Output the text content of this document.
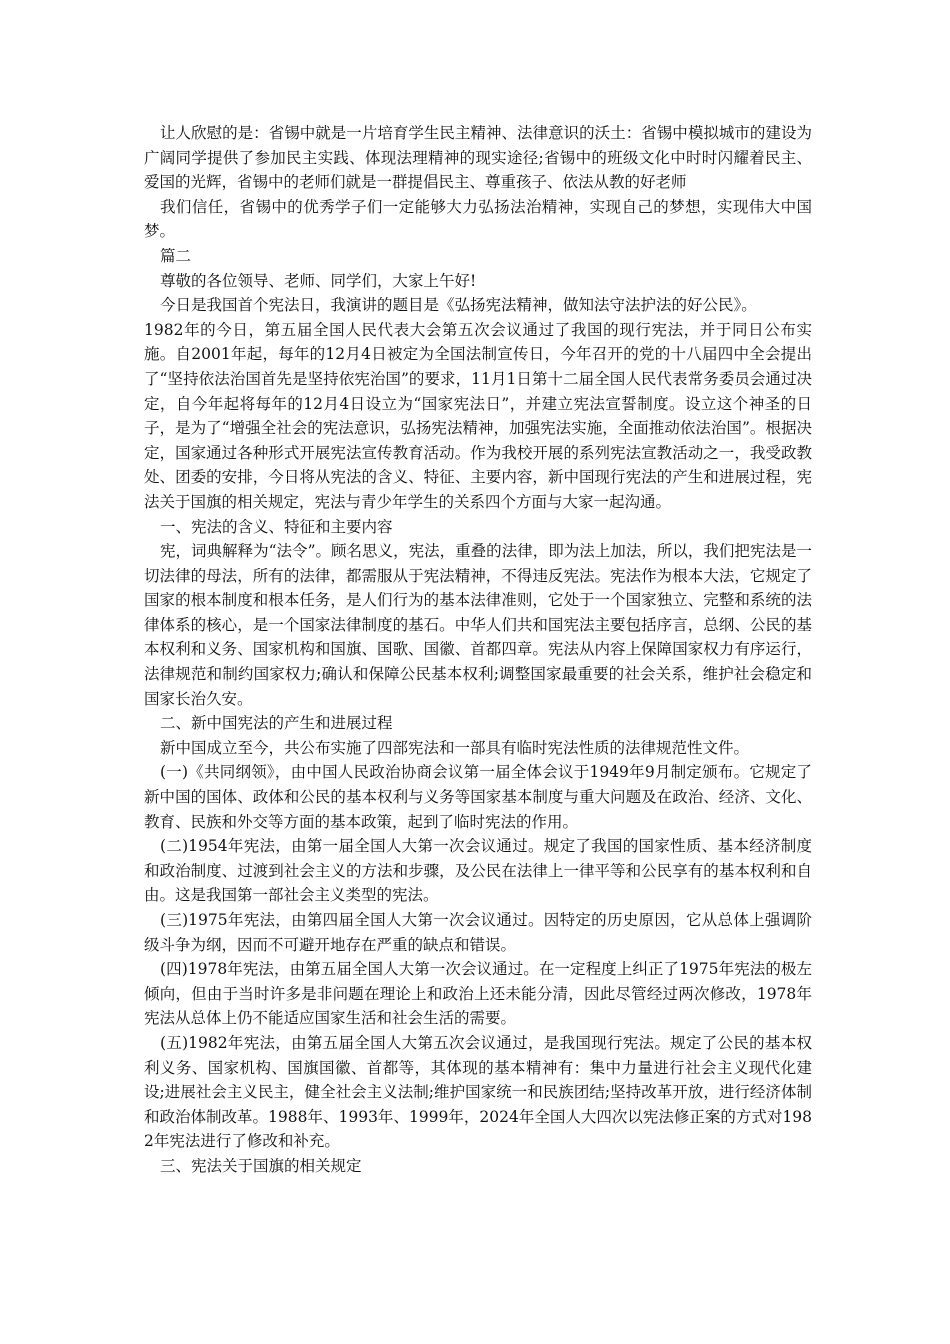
让人欣慰的是：省锡中就是一片培育学生民主精神、法律意识的沃土：省锡中模拟城市的建设为广阔同学提供了参加民主实践、体现法理精神的现实途径;省锡中的班级文化中时时闪耀着民主、爱国的光辉，省锡中的老师们就是一群提倡民主、尊重孩子、依法从教的好老师

我们信任，省锡中的优秀学子们一定能够大力弘扬法治精神，实现自己的梦想，实现伟大中国梦。

篇二

尊敬的各位领导、老师、同学们，大家上午好!

今日是我国首个宪法日，我演讲的题目是《弘扬宪法精神，做知法守法护法的好公民》。

1982年的今日，第五届全国人民代表大会第五次会议通过了我国的现行宪法，并于同日公布实施。自2001年起，每年的12月4日被定为全国法制宣传日，今年召开的党的十八届四中全会提出了“坚持依法治国首先是坚持依宪治国”的要求，11月1日第十二届全国人民代表常务委员会通过决定，自今年起将每年的12月4日设立为“国家宪法日”，并建立宪法宣誓制度。设立这个神圣的日子，是为了“增强全社会的宪法意识，弘扬宪法精神，加强宪法实施，全面推动依法治国”。根据决定，国家通过各种形式开展宪法宣传教育活动。作为我校开展的系列宪法宣教活动之一，我受政教处、团委的安排，今日将从宪法的含义、特征、主要内容，新中国现行宪法的产生和进展过程，宪法关于国旗的相关规定，宪法与青少年学生的关系四个方面与大家一起沟通。

一、宪法的含义、特征和主要内容

宪，词典解释为“法令”。顾名思义，宪法，重叠的法律，即为法上加法，所以，我们把宪法是一切法律的母法，所有的法律，都需服从于宪法精神，不得违反宪法。宪法作为根本大法，它规定了国家的根本制度和根本任务，是人们行为的基本法律准则，它处于一个国家独立、完整和系统的法律体系的核心，是一个国家法律制度的基石。中华人们共和国宪法主要包括序言，总纲、公民的基本权利和义务、国家机构和国旗、国歌、国徽、首都四章。宪法从内容上保障国家权力有序运行，法律规范和制约国家权力;确认和保障公民基本权利;调整国家最重要的社会关系，维护社会稳定和国家长治久安。

二、新中国宪法的产生和进展过程

新中国成立至今，共公布实施了四部宪法和一部具有临时宪法性质的法律规范性文件。

(一)《共同纲领》，由中国人民政治协商会议第一届全体会议于1949年9月制定颁布。它规定了新中国的国体、政体和公民的基本权利与义务等国家基本制度与重大问题及在政治、经济、文化、教育、民族和外交等方面的基本政策，起到了临时宪法的作用。

(二)1954年宪法，由第一届全国人大第一次会议通过。规定了我国的国家性质、基本经济制度和政治制度、过渡到社会主义的方法和步骤，及公民在法律上一律平等和公民享有的基本权利和自由。这是我国第一部社会主义类型的宪法。

(三)1975年宪法，由第四届全国人大第一次会议通过。因特定的历史原因，它从总体上强调阶级斗争为纲，因而不可避开地存在严重的缺点和错误。

(四)1978年宪法，由第五届全国人大第一次会议通过。在一定程度上纠正了1975年宪法的极左倾向，但由于当时许多是非问题在理论上和政治上还未能分清，因此尽管经过两次修改，1978年宪法从总体上仍不能适应国家生活和社会生活的需要。

(五)1982年宪法，由第五届全国人大第五次会议通过，是我国现行宪法。规定了公民的基本权利义务、国家机构、国旗国徽、首都等，其体现的基本精神有：集中力量进行社会主义现代化建设;进展社会主义民主，健全社会主义法制;维护国家统一和民族团结;坚持改革开放，进行经济体制和政治体制改革。1988年、1993年、1999年，2024年全国人大四次以宪法修正案的方式对1982年宪法进行了修改和补充。

三、宪法关于国旗的相关规定
